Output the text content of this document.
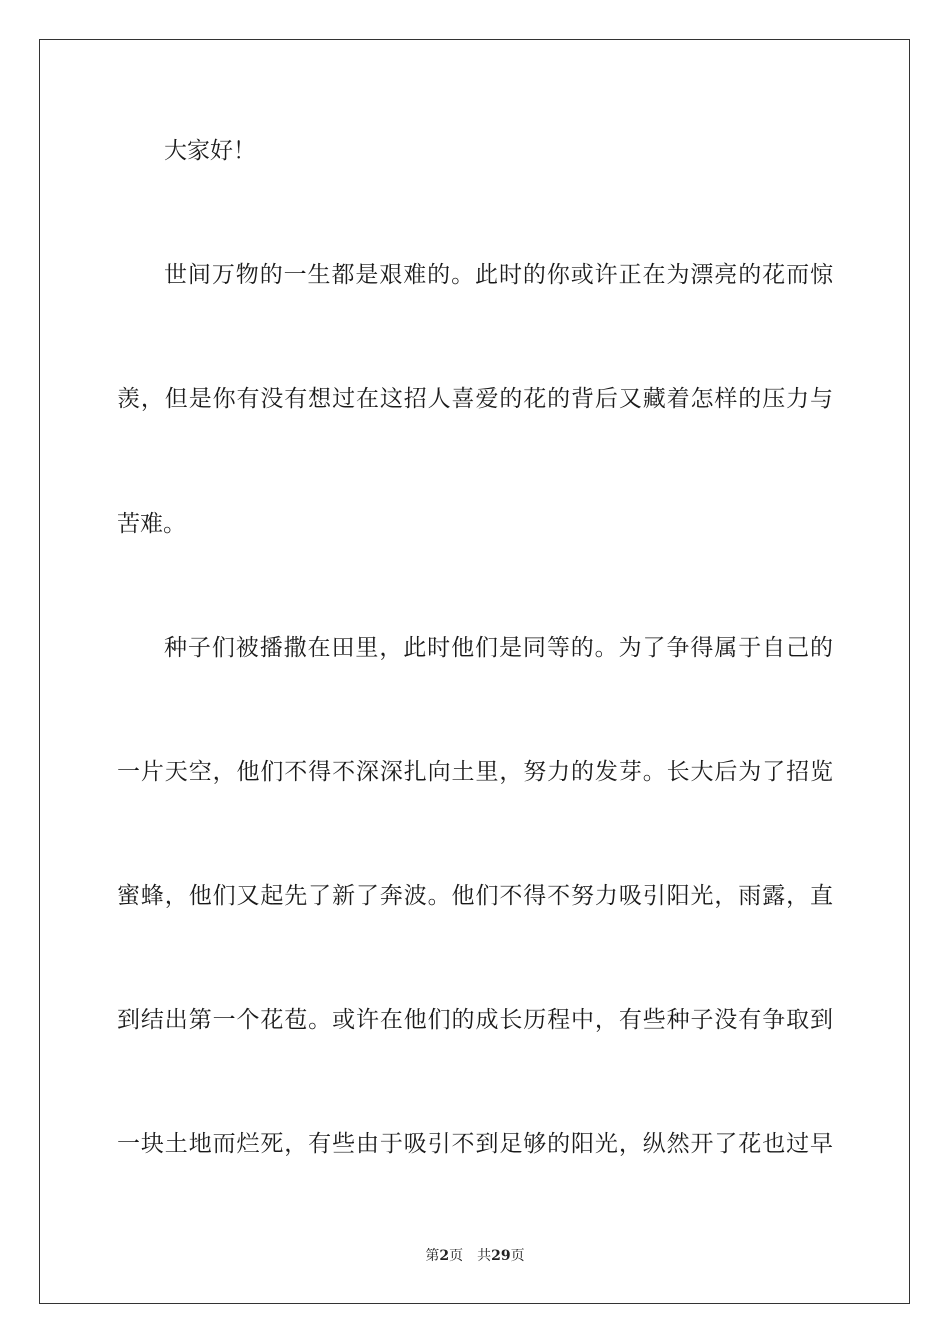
大家好！
世间万物的一生都是艰难的。此时的你或许正在为漂亮的花而惊
羡，但是你有没有想过在这招人喜爱的花的背后又藏着怎样的压力与
苦难。
种子们被播撒在田里，此时他们是同等的。为了争得属于自己的
一片天空，他们不得不深深扎向土里，努力的发芽。长大后为了招览
蜜蜂，他们又起先了新了奔波。他们不得不努力吸引阳光，雨露，直
到结出第一个花苞。或许在他们的成长历程中，有些种子没有争取到
一块土地而烂死，有些由于吸引不到足够的阳光，纵然开了花也过早
第2页 共29页
